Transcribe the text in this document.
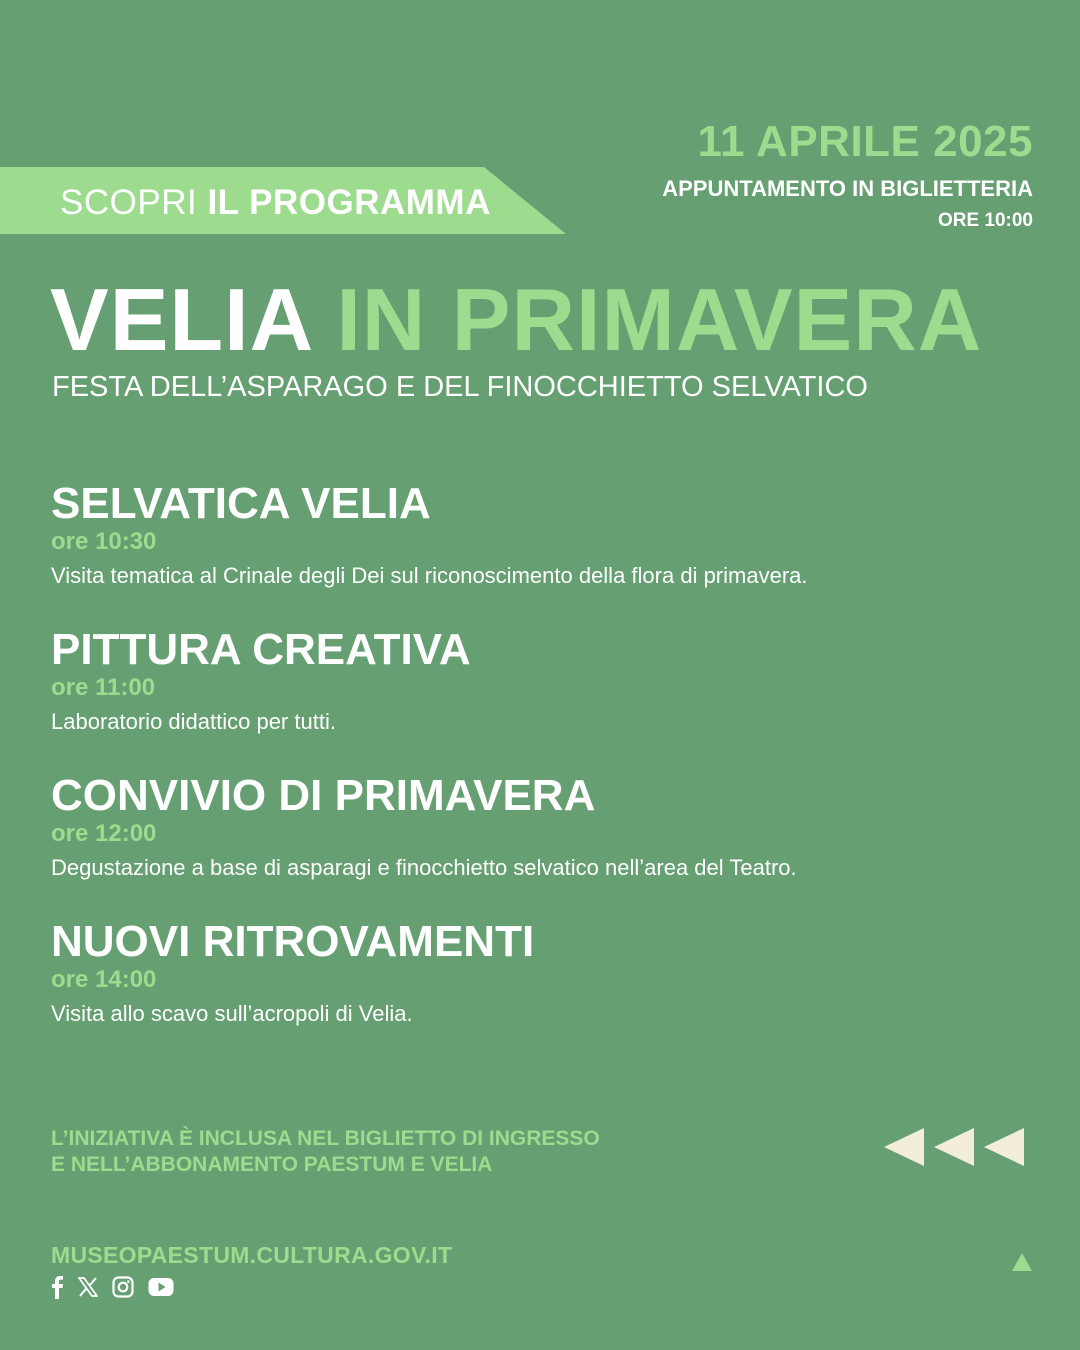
SCOPRI IL PROGRAMMA
11 APRILE 2025
APPUNTAMENTO IN BIGLIETTERIA
ORE 10:00
VELIA IN PRIMAVERA
FESTA DELL’ASPARAGO E DEL FINOCCHIETTO SELVATICO
SELVATICA VELIA
ore 10:30
Visita tematica al Crinale degli Dei sul riconoscimento della flora di primavera.
PITTURA CREATIVA
ore 11:00
Laboratorio didattico per tutti.
CONVIVIO DI PRIMAVERA
ore 12:00
Degustazione a base di asparagi e finocchietto selvatico nell’area del Teatro.
NUOVI RITROVAMENTI
ore 14:00
Visita allo scavo sull’acropoli di Velia.
L’INIZIATIVA È INCLUSA NEL BIGLIETTO DI INGRESSO
E NELL’ABBONAMENTO PAESTUM E VELIA
MUSEOPAESTUM.CULTURA.GOV.IT
